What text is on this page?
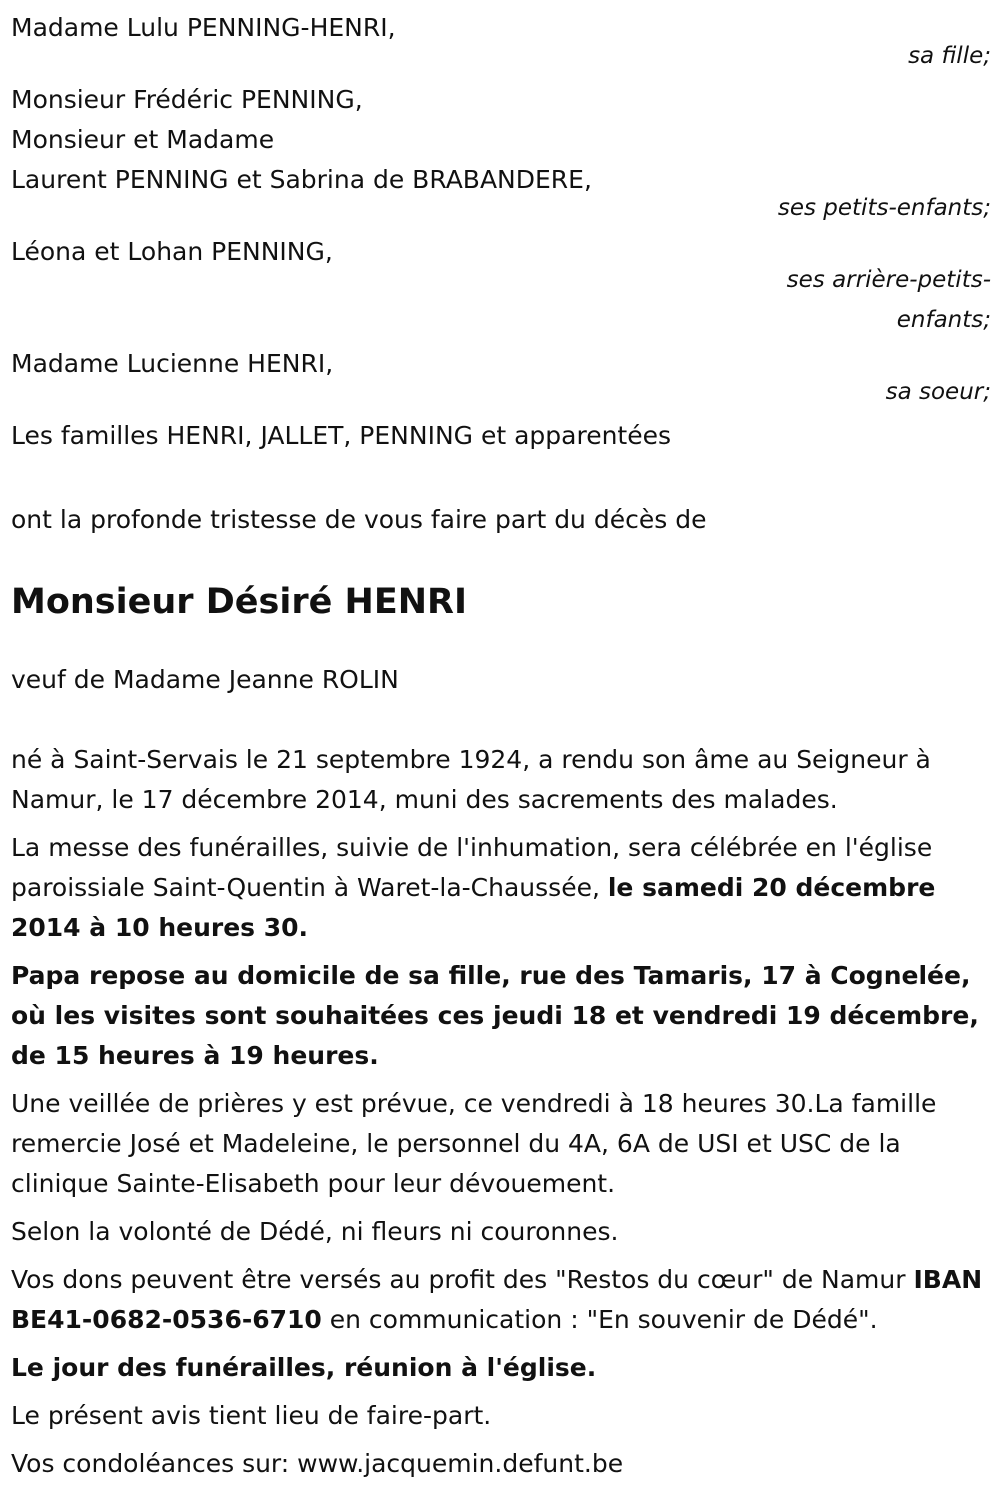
Madame Lulu PENNING-HENRI,
sa fille;
Monsieur Frédéric PENNING,
Monsieur et Madame
Laurent PENNING et Sabrina de BRABANDERE,
ses petits-enfants;
Léona et Lohan PENNING,
ses arrière-petits-
enfants;
Madame Lucienne HENRI,
sa soeur;
Les familles HENRI, JALLET, PENNING et apparentées
ont la profonde tristesse de vous faire part du décès de
Monsieur Désiré HENRI
veuf de Madame Jeanne ROLIN

né à Saint-Servais le 21 septembre 1924, a rendu son âme au Seigneur à Namur, le 17 décembre 2014, muni des sacrements des malades.

La messe des funérailles, suivie de l'inhumation, sera célébrée en l'église paroissiale Saint-Quentin à Waret-la-Chaussée, le samedi 20 décembre 2014 à 10 heures 30.

Papa repose au domicile de sa fille, rue des Tamaris, 17 à Cognelée, où les visites sont souhaitées ces jeudi 18 et vendredi 19 décembre, de 15 heures à 19 heures.

Une veillée de prières y est prévue, ce vendredi à 18 heures 30.La famille remercie José et Madeleine, le personnel du 4A, 6A de USI et USC de la clinique Sainte-Elisabeth pour leur dévouement.

Selon la volonté de Dédé, ni fleurs ni couronnes.

Vos dons peuvent être versés au profit des "Restos du cœur" de Namur IBAN BE41-0682-0536-6710 en communication : "En souvenir de Dédé".

Le jour des funérailles, réunion à l'église.

Le présent avis tient lieu de faire-part.

Vos condoléances sur: www.jacquemin.defunt.be
